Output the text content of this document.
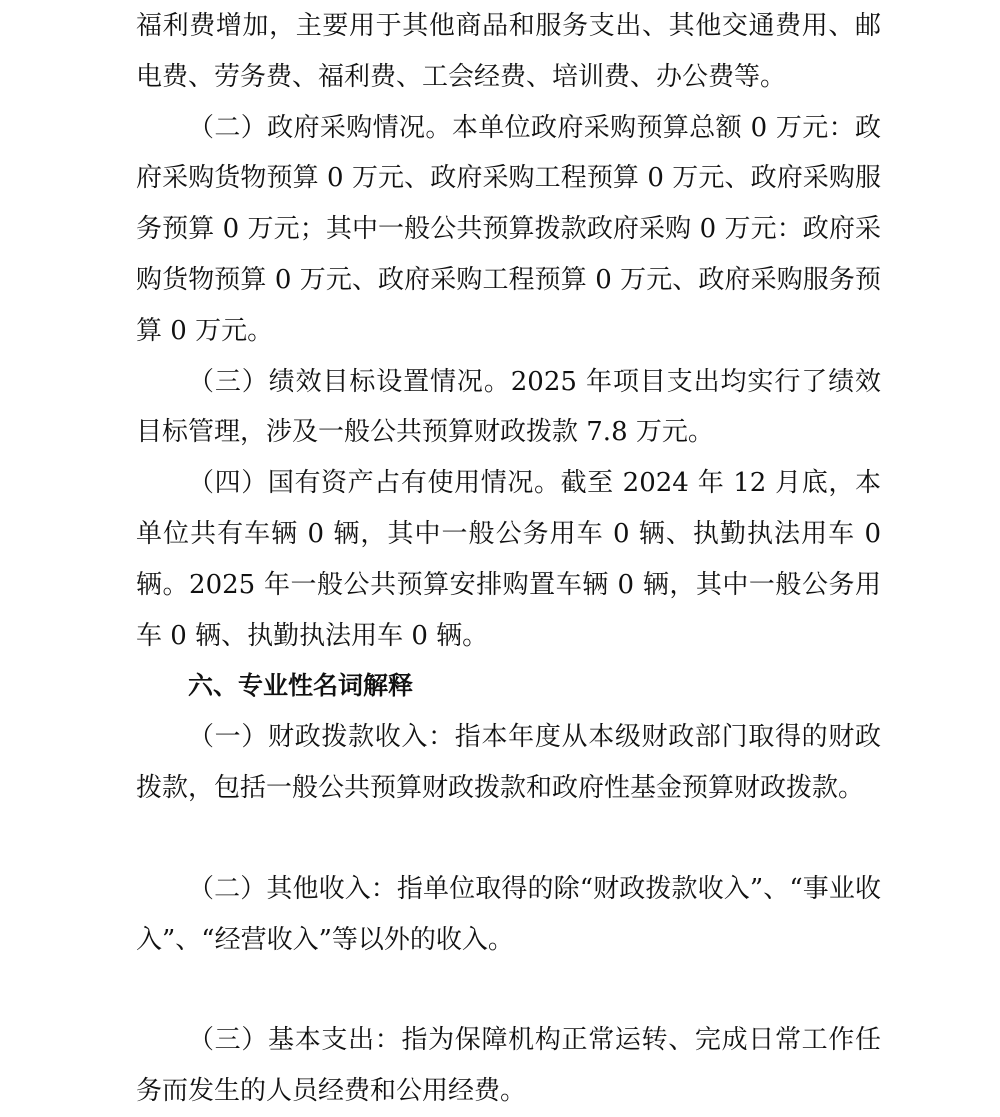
福利费增加，主要用于其他商品和服务支出、其他交通费用、邮电费、劳务费、福利费、工会经费、培训费、办公费等。

（二）政府采购情况。本单位政府采购预算总额 0 万元：政府采购货物预算 0 万元、政府采购工程预算 0 万元、政府采购服务预算 0 万元；其中一般公共预算拨款政府采购 0 万元：政府采购货物预算 0 万元、政府采购工程预算 0 万元、政府采购服务预算 0 万元。

（三）绩效目标设置情况。2025 年项目支出均实行了绩效目标管理，涉及一般公共预算财政拨款 7.8 万元。

（四）国有资产占有使用情况。截至 2024 年 12 月底，本单位共有车辆 0 辆，其中一般公务用车 0 辆、执勤执法用车 0 辆。2025 年一般公共预算安排购置车辆 0 辆，其中一般公务用车 0 辆、执勤执法用车 0 辆。

六、专业性名词解释

（一）财政拨款收入：指本年度从本级财政部门取得的财政拨款，包括一般公共预算财政拨款和政府性基金预算财政拨款。

（二）其他收入：指单位取得的除“财政拨款收入”、“事业收入”、“经营收入”等以外的收入。

（三）基本支出：指为保障机构正常运转、完成日常工作任务而发生的人员经费和公用经费。
